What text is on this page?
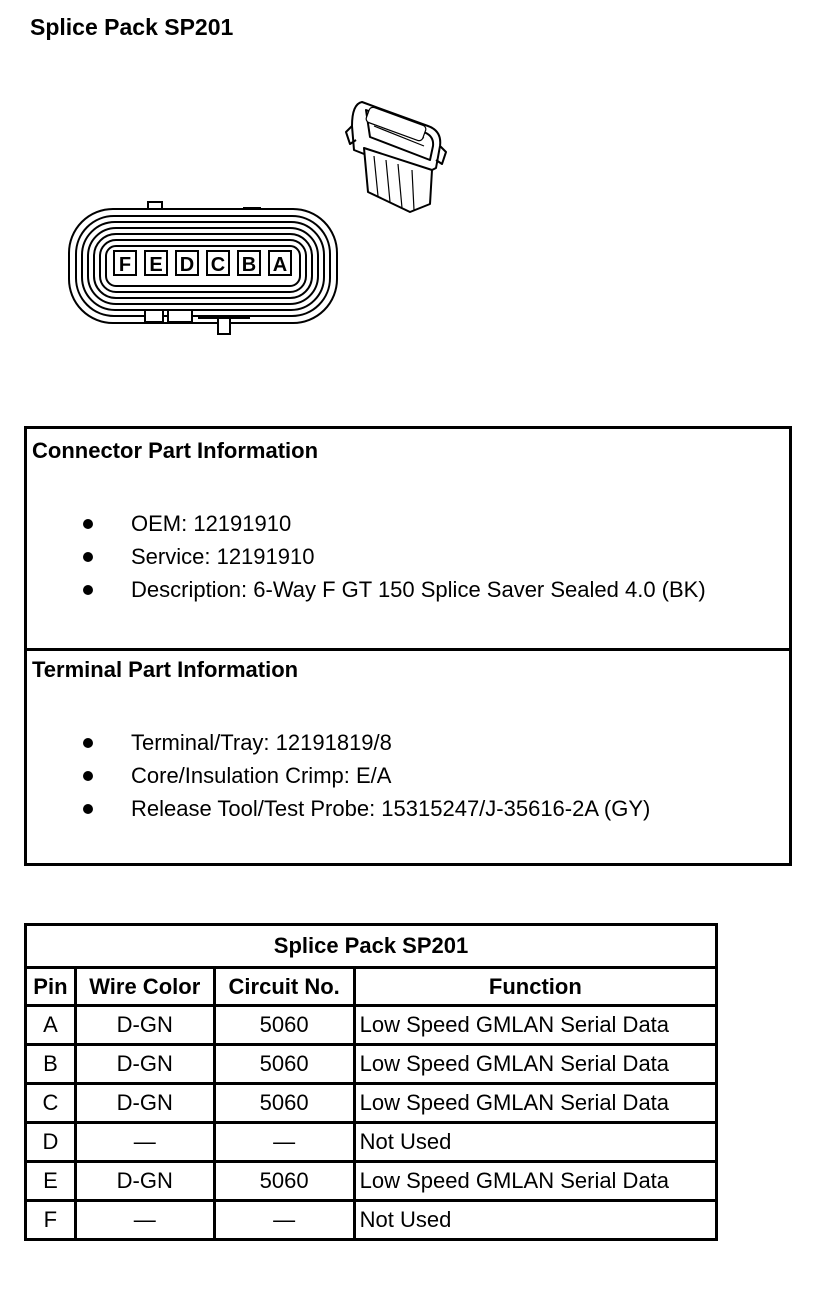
Splice Pack SP201
F E D C B A
Connector Part Information
OEM: 12191910
Service: 12191910
Description: 6-Way F GT 150 Splice Saver Sealed 4.0 (BK)
Terminal Part Information
Terminal/Tray: 12191819/8
Core/Insulation Crimp: E/A
Release Tool/Test Probe: 15315247/J-35616-2A (GY)
Splice Pack SP201			
Pin	Wire Color	Circuit No.	Function
A	D-GN	5060	Low Speed GMLAN Serial Data
B	D-GN	5060	Low Speed GMLAN Serial Data
C	D-GN	5060	Low Speed GMLAN Serial Data
D	—	—	Not Used
E	D-GN	5060	Low Speed GMLAN Serial Data
F	—	—	Not Used
